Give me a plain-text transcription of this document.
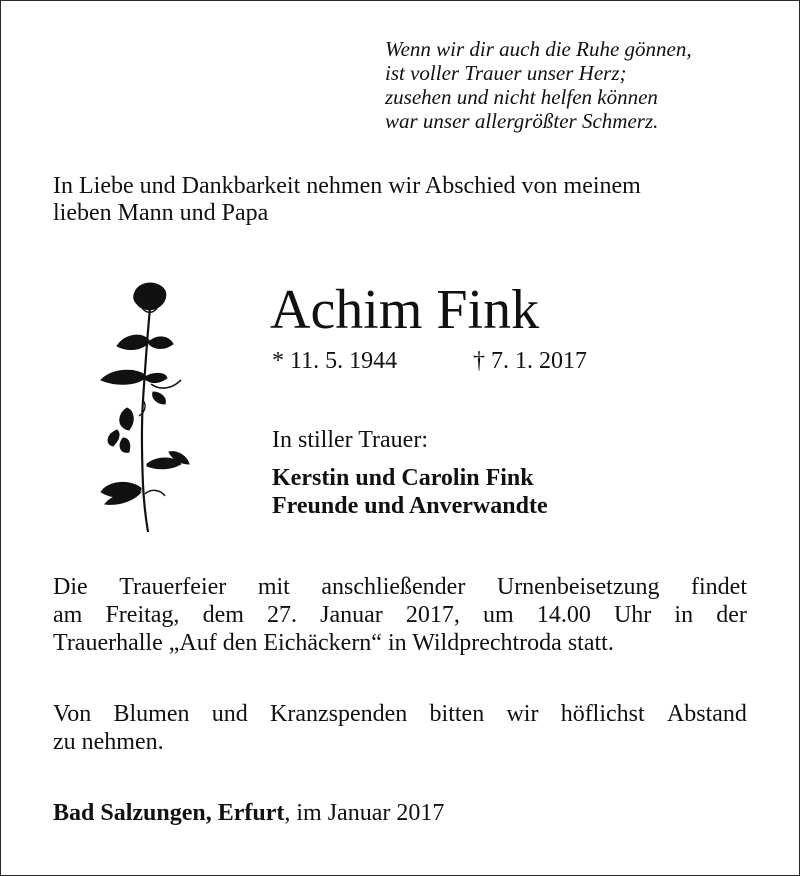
Wenn wir dir auch die Ruhe gönnen,
ist voller Trauer unser Herz;
zusehen und nicht helfen können
war unser allergrößter Schmerz.
In Liebe und Dankbarkeit nehmen wir Abschied von meinem
lieben Mann und Papa
Achim Fink
* 11. 5. 1944	† 7. 1. 2017
In stiller Trauer:
Kerstin und Carolin Fink
Freunde und Anverwandte
Die Trauerfeier mit anschließender Urnenbeisetzung findet
am Freitag, dem 27. Januar 2017, um 14.00 Uhr in der
Trauerhalle „Auf den Eichäckern“ in Wildprechtroda statt.
Von Blumen und Kranzspenden bitten wir höflichst Abstand
zu nehmen.
Bad Salzungen, Erfurt, im Januar 2017
